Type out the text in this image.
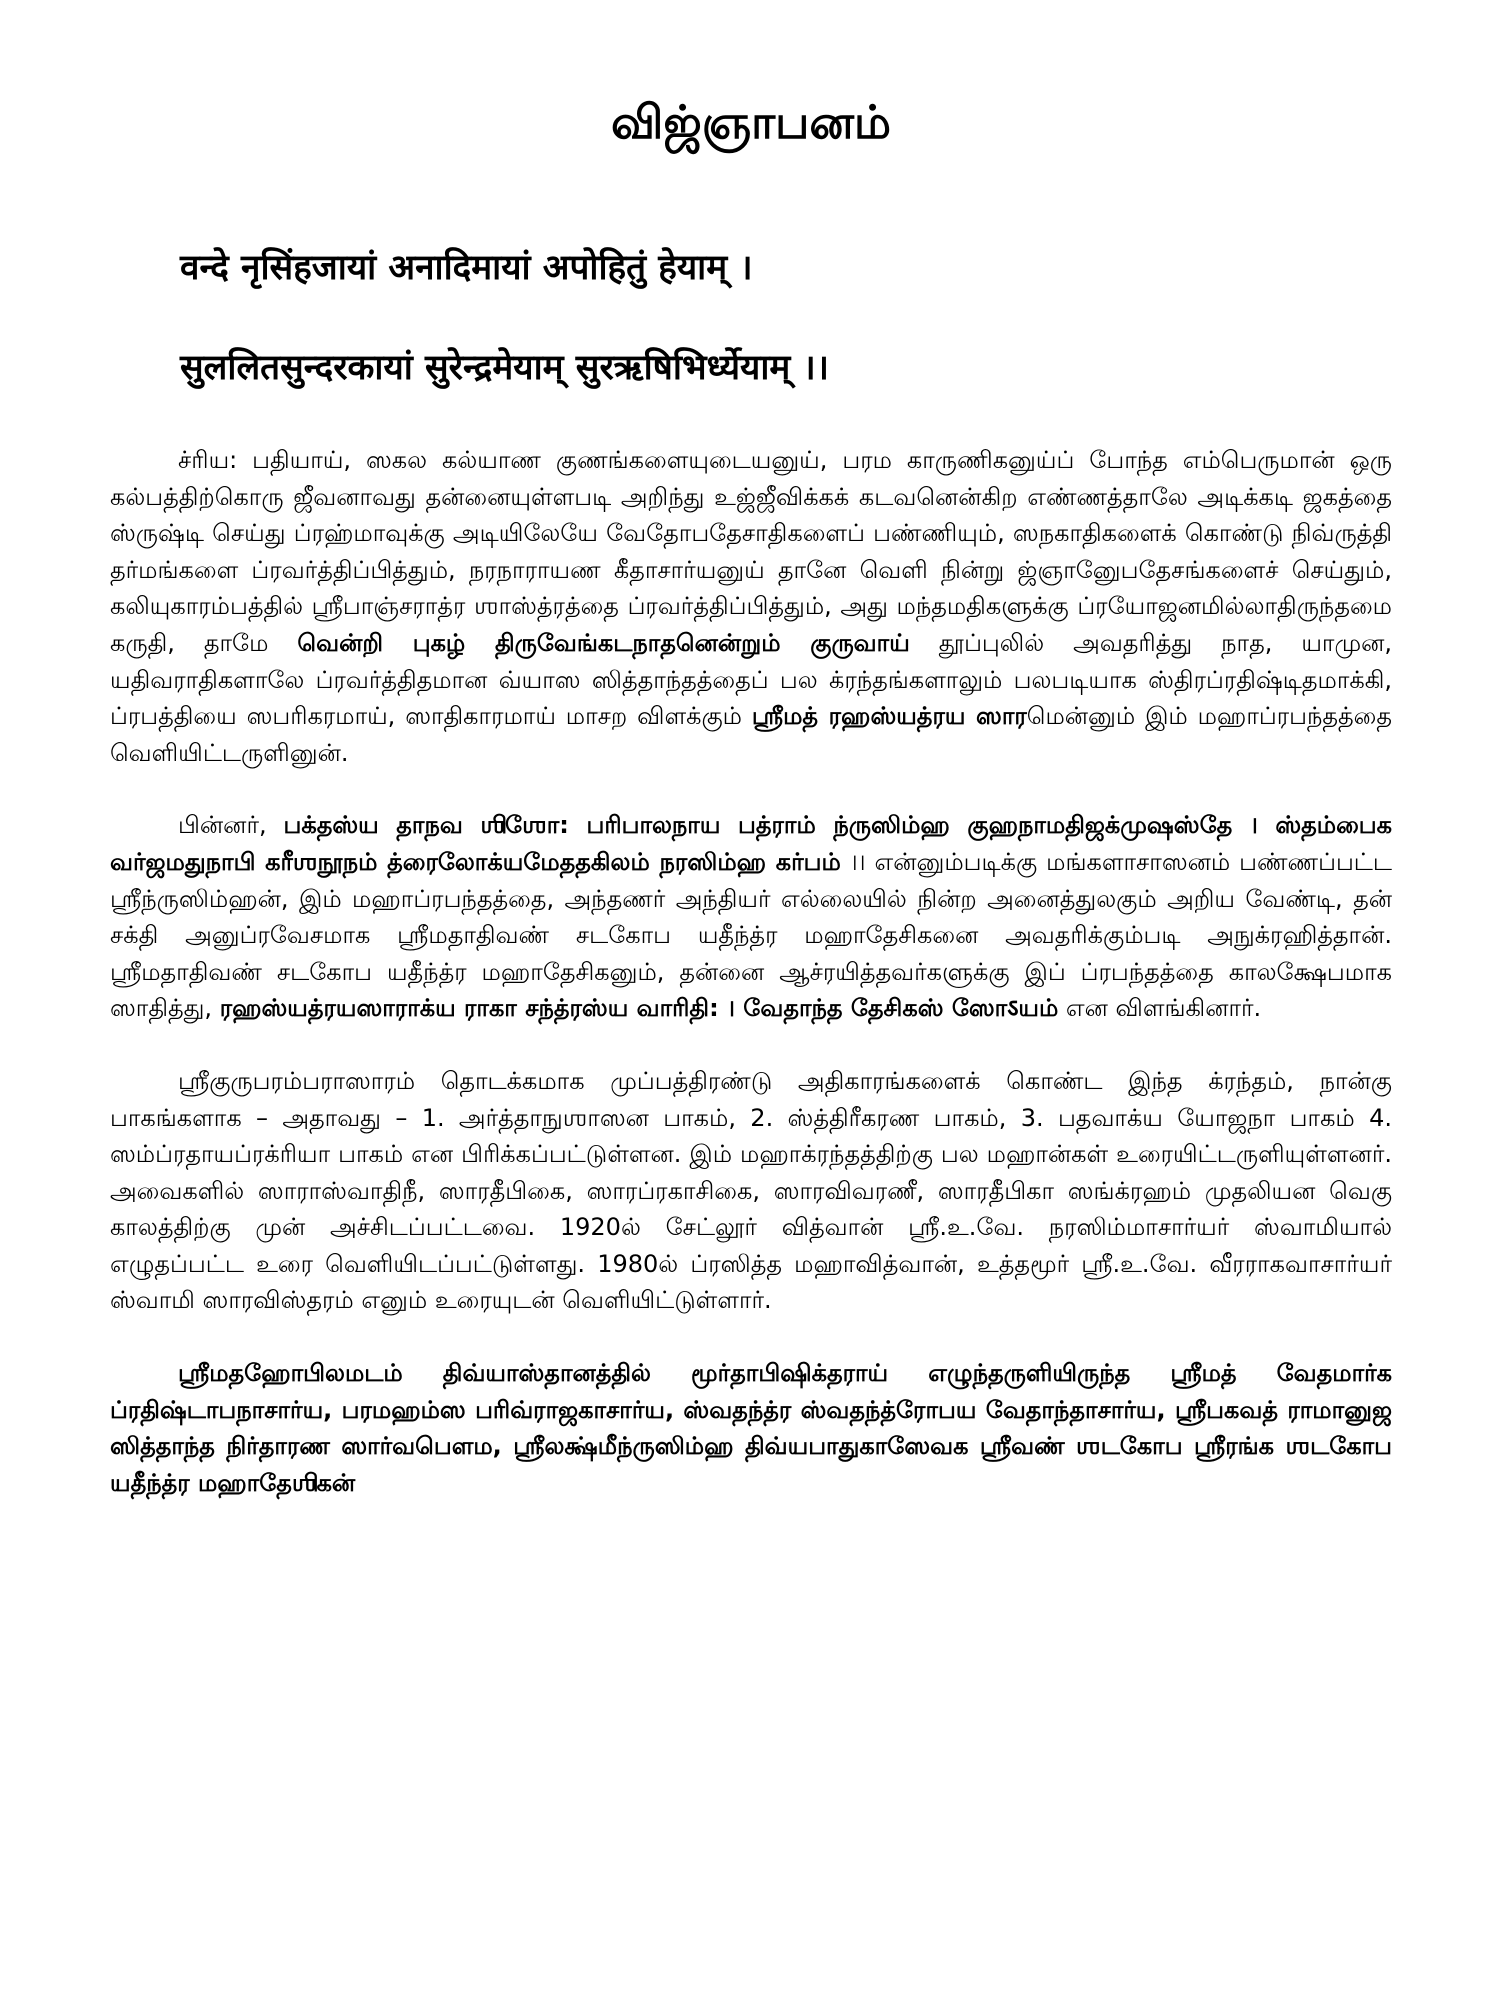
விஜ்ஞாபனம்

वन्दे नृसिंहजायां अनादिमायां अपोहितुं हेयाम् ।

सुललितसुन्दरकायां सुरेन्द्रमेयाम् सुरऋषिभिर्ध्येयाम् ।।

ச்ரிய: பதியாய், ஸகல கல்யாண குணங்களையுடையனுய், பரம காருணிகனுய்ப் போந்த எம்பெருமான் ஒரு கல்பத்திற்கொரு ஜீவனாவது தன்னையுள்ளபடி அறிந்து உஜ்ஜீவிக்கக் கடவனென்கிற எண்ணத்தாலே அடிக்கடி ஜகத்தை ஸ்ருஷ்டி செய்து ப்ரஹ்மாவுக்கு அடியிலேயே வேதோபதேசாதிகளைப் பண்ணியும், ஸநகாதிகளைக் கொண்டு நிவ்ருத்தி தர்மங்களை ப்ரவர்த்திப்பித்தும், நரநாராயண கீதாசார்யனுய் தானே வெளி நின்று ஜ்ஞானுேபதேசங்களைச் செய்தும், கலியுகாரம்பத்தில் ஸ்ரீபாஞ்சராத்ர ஶாஸ்த்ரத்தை ப்ரவர்த்திப்பித்தும், அது மந்தமதிகளுக்கு ப்ரயோஜனமில்லாதிருந்தமை கருதி, தாமே வென்றி புகழ் திருவேங்கடநாதனென்றும் குருவாய் தூப்புலில் அவதரித்து நாத, யாமுன, யதிவராதிகளாலே ப்ரவர்த்திதமான வ்யாஸ ஸித்தாந்தத்தைப் பல க்ரந்தங்களாலும் பலபடியாக ஸ்திரப்ரதிஷ்டிதமாக்கி, ப்ரபத்தியை ஸபரிகரமாய், ஸாதிகாரமாய் மாசற விளக்கும் ஸ்ரீமத் ரஹஸ்யத்ரய ஸாரமென்னும் இம் மஹாப்ரபந்தத்தை வெளியிட்டருளினுன்.

பின்னர், பக்தஸ்ய தாநவ ஶிஶோ: பரிபாலநாய பத்ராம் ந்ருஸிம்ஹ குஹநாமதிஜக்முஷஸ்தே । ஸ்தம்பைக வர்ஜமதுநாபி கரீஶநூநம் த்ரைலோக்யமேததகிலம் நரஸிம்ஹ கர்பம் ।। என்னும்படிக்கு மங்களாசாஸனம் பண்ணப்பட்ட ஸ்ரீந்ருஸிம்ஹன், இம் மஹாப்ரபந்தத்தை, அந்தணர் அந்தியர் எல்லையில் நின்ற அனைத்துலகும் அறிய வேண்டி, தன் சக்தி அனுப்ரவேசமாக ஸ்ரீமதாதிவண் சடகோப யதீந்த்ர மஹாதேசிகனை அவதரிக்கும்படி அநுக்ரஹித்தான். ஸ்ரீமதாதிவண் சடகோப யதீந்த்ர மஹாதேசிகனும், தன்னை ஆச்ரயித்தவர்களுக்கு இப் ப்ரபந்தத்தை காலக்ஷேபமாக ஸாதித்து, ரஹஸ்யத்ரயஸாராக்ய ராகா சந்த்ரஸ்ய வாரிதி: । வேதாந்த தேசிகஸ் ஸோऽயம் என விளங்கினார்.

ஸ்ரீகுருபரம்பராஸாரம் தொடக்கமாக முப்பத்திரண்டு அதிகாரங்களைக் கொண்ட இந்த க்ரந்தம், நான்கு பாகங்களாக – அதாவது – 1. அர்த்தாநுஶாஸன பாகம், 2. ஸ்த்திரீகரண பாகம், 3. பதவாக்ய யோஜநா பாகம் 4. ஸம்ப்ரதாயப்ரக்ரியா பாகம் என பிரிக்கப்பட்டுள்ளன. இம் மஹாக்ரந்தத்திற்கு பல மஹான்கள் உரையிட்டருளியுள்ளனர். அவைகளில் ஸாராஸ்வாதிநீ, ஸாரதீபிகை, ஸாரப்ரகாசிகை, ஸாரவிவரணீ, ஸாரதீபிகா ஸங்க்ரஹம் முதலியன வெகு காலத்திற்கு முன் அச்சிடப்பட்டவை. 1920ல் சேட்லூர் வித்வான் ஸ்ரீ.உ.வே. நரஸிம்மாசார்யர் ஸ்வாமியால் எழுதப்பட்ட உரை வெளியிடப்பட்டுள்ளது. 1980ல் ப்ரஸித்த மஹாவித்வான், உத்தமூர் ஸ்ரீ.உ.வே. வீரராகவாசார்யர் ஸ்வாமி ஸாரவிஸ்தரம் எனும் உரையுடன் வெளியிட்டுள்ளார்.

ஸ்ரீமதஹோபிலமடம் திவ்யாஸ்தானத்தில் மூர்தாபிஷிக்தராய் எழுந்தருளியிருந்த ஸ்ரீமத் வேதமார்க ப்ரதிஷ்டாபநாசார்ய, பரமஹம்ஸ பரிவ்ராஜகாசார்ய, ஸ்வதந்த்ர ஸ்வதந்த்ரோபய வேதாந்தாசார்ய, ஸ்ரீபகவத் ராமானுஜ ஸித்தாந்த நிர்தாரண ஸார்வபௌம, ஸ்ரீலக்ஷ்மீந்ருஸிம்ஹ திவ்யபாதுகாஸேவக ஸ்ரீவண் ஶடகோப ஸ்ரீரங்க ஶடகோப யதீந்த்ர மஹாதேஶிகன்
